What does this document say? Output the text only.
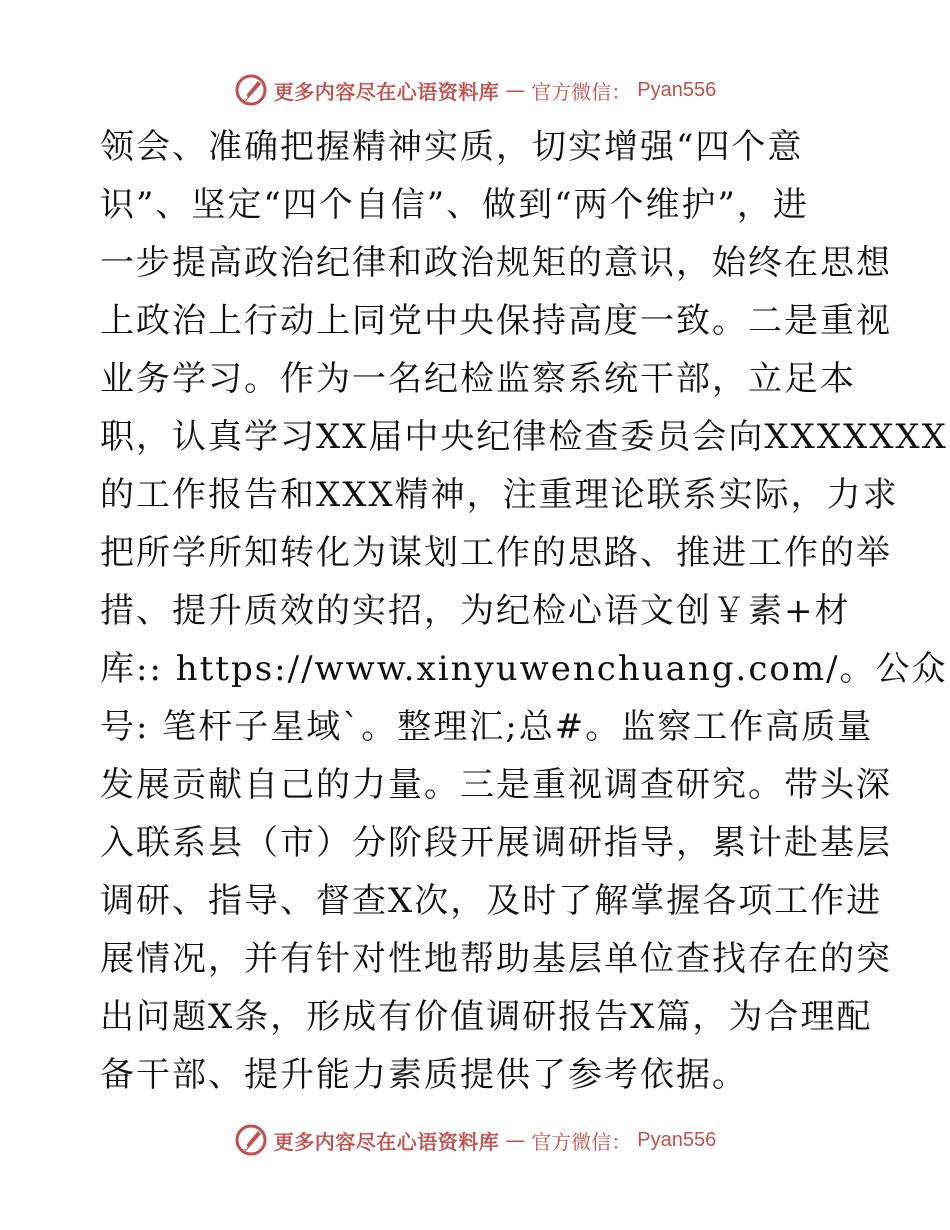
更多内容尽在心语资料库 — 官方微信： Pyan556
领会、准确把握精神实质，切实增强“四个意
识”、坚定“四个自信”、做到“两个维护”，进
一步提高政治纪律和政治规矩的意识，始终在思想
上政治上行动上同党中央保持高度一致。二是重视
业务学习。作为一名纪检监察系统干部，立足本
职，认真学习XX届中央纪律检查委员会向XXXXXXX
的工作报告和XXX精神，注重理论联系实际，力求
把所学所知转化为谋划工作的思路、推进工作的举
措、提升质效的实招，为纪检心语文创￥素+材
库:: https://www.xinyuwenchuang.com/。公众
号: 笔杆子星域`。整理汇;总#。监察工作高质量
发展贡献自己的力量。三是重视调查研究。带头深
入联系县（市）分阶段开展调研指导，累计赴基层
调研、指导、督查X次，及时了解掌握各项工作进
展情况，并有针对性地帮助基层单位查找存在的突
出问题X条，形成有价值调研报告X篇，为合理配
备干部、提升能力素质提供了参考依据。
更多内容尽在心语资料库 — 官方微信： Pyan556
